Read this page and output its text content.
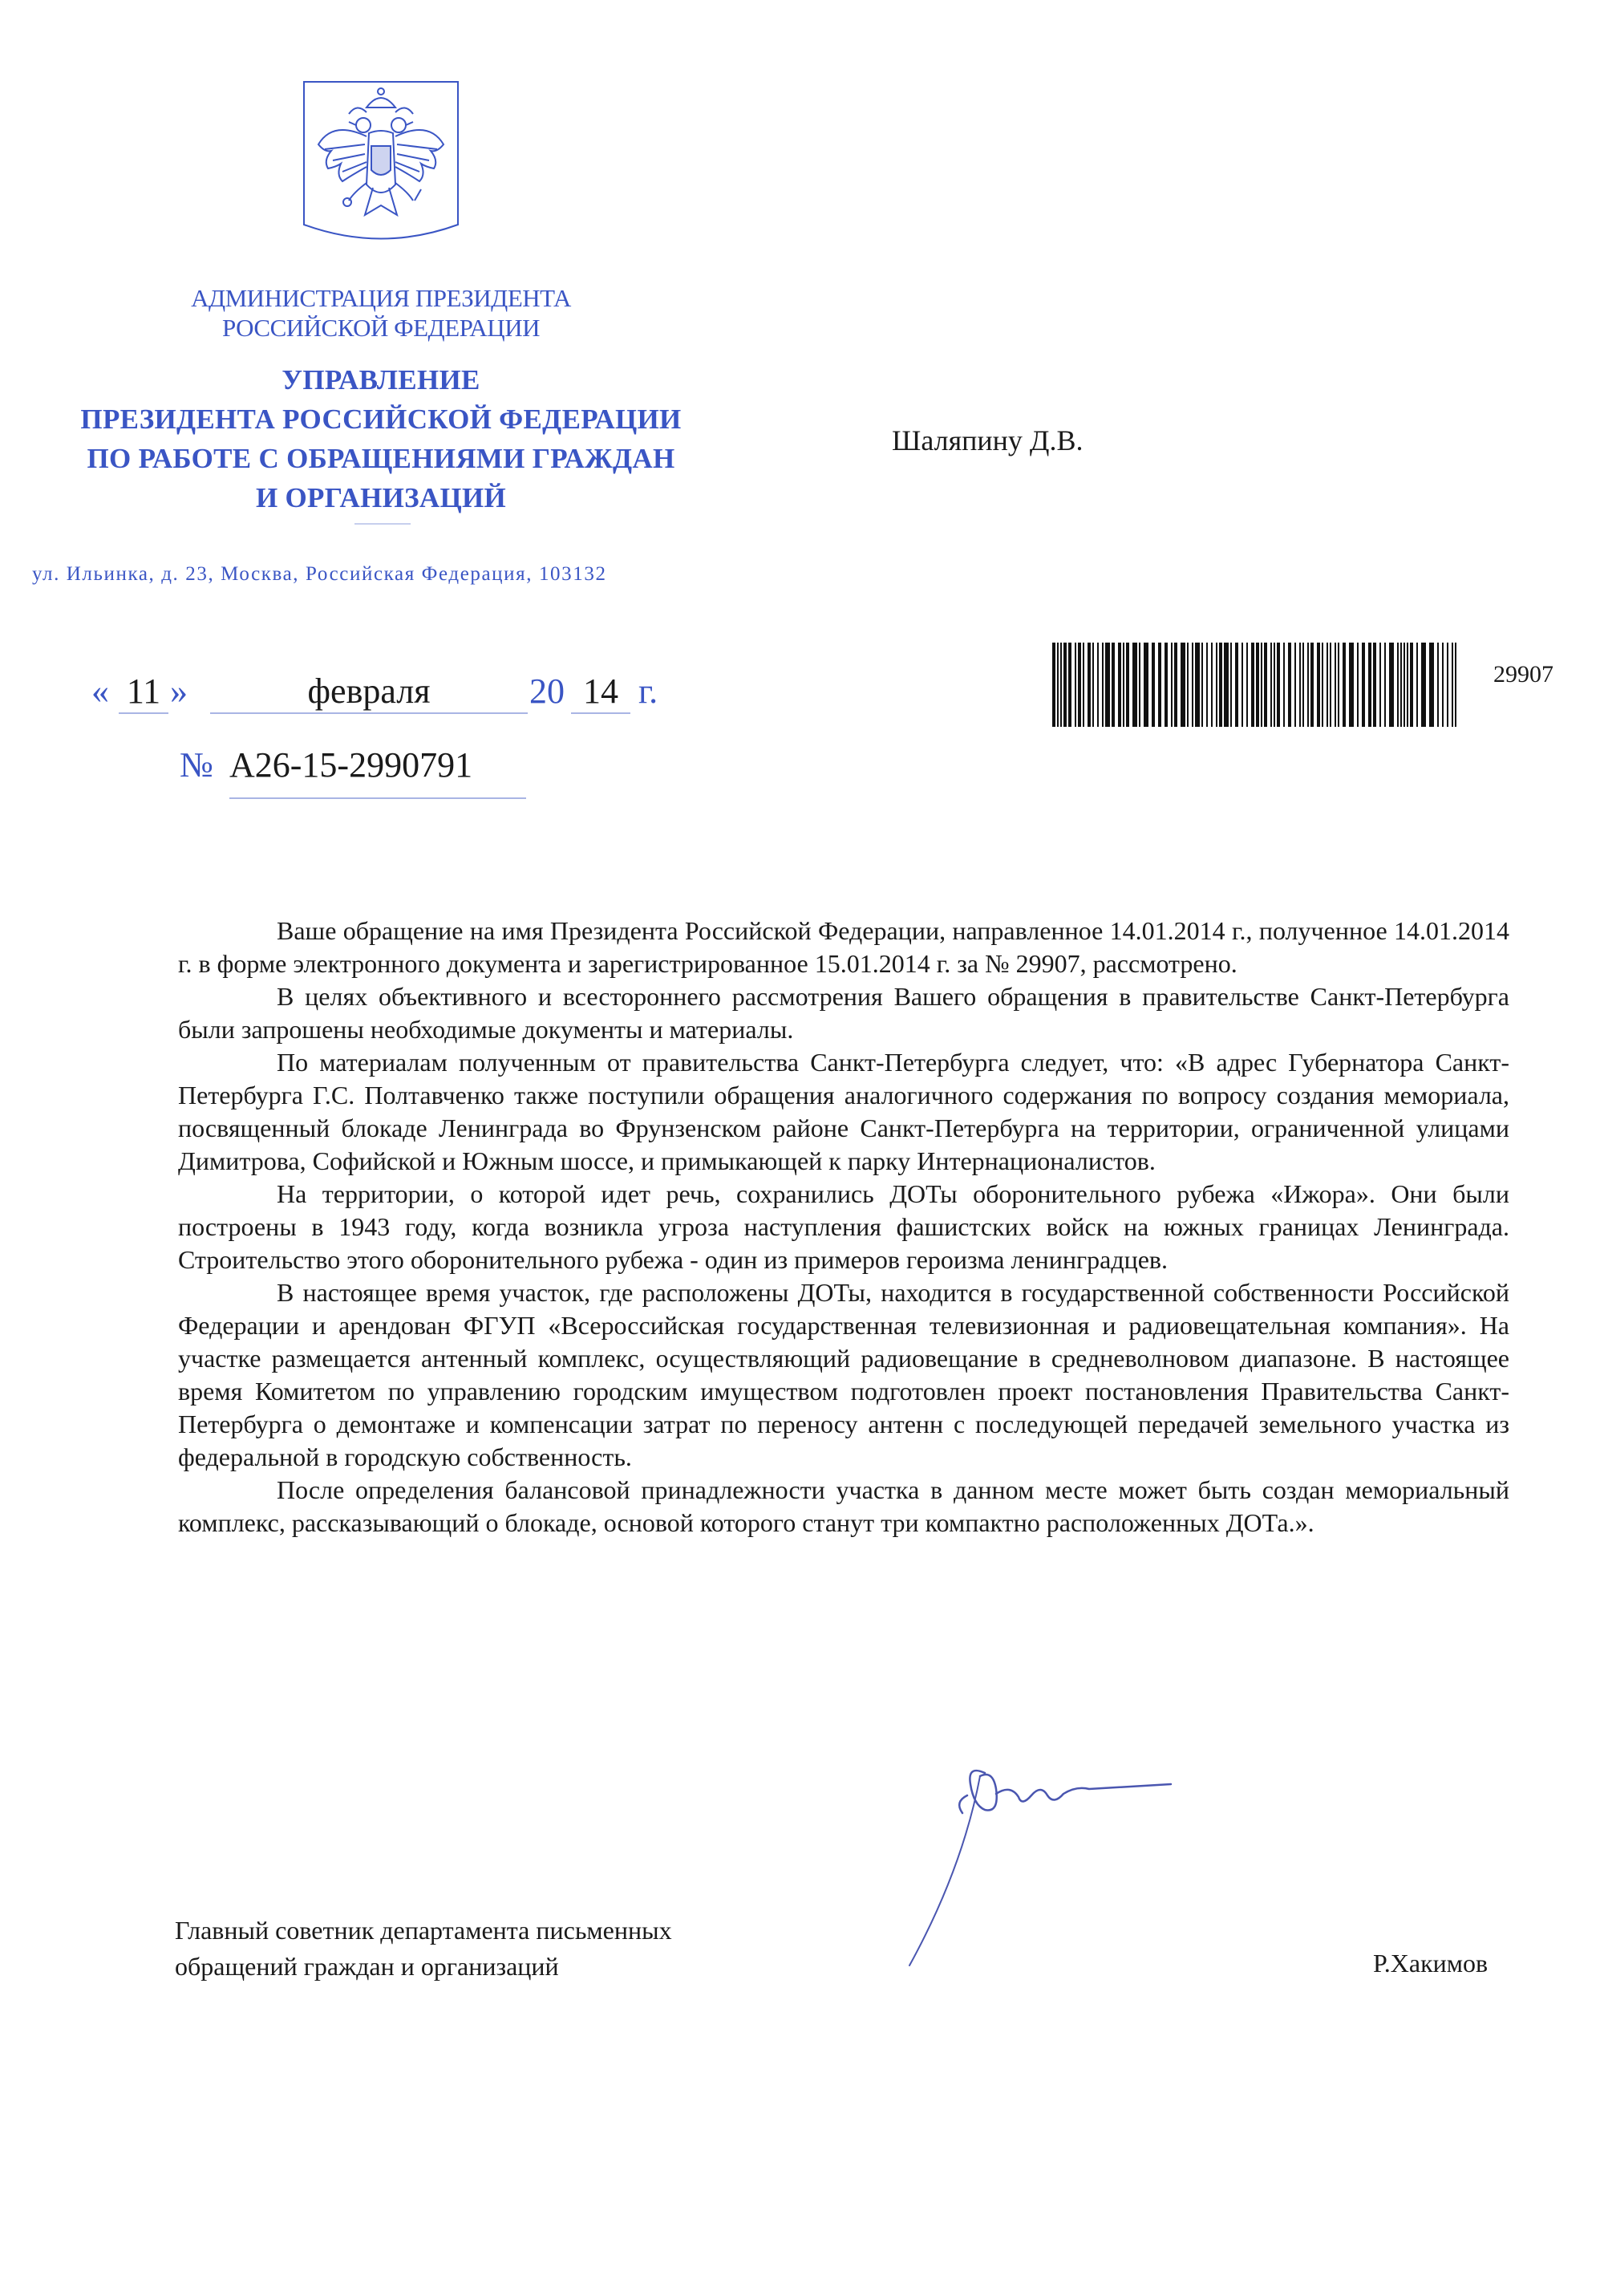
АДМИНИСТРАЦИЯ ПРЕЗИДЕНТА
РОССИЙСКОЙ ФЕДЕРАЦИИ
УПРАВЛЕНИЕ
ПРЕЗИДЕНТА РОССИЙСКОЙ ФЕДЕРАЦИИ
ПО РАБОТЕ С ОБРАЩЕНИЯМИ ГРАЖДАН
И ОРГАНИЗАЦИЙ
ул. Ильинка, д. 23, Москва, Российская Федерация, 103132
Шаляпину Д.В.
« 11 »	февраля	20 14 г.	29907
№ А26-15-2990791

Ваше обращение на имя Президента Российской Федерации, направленное 14.01.2014 г., полученное 14.01.2014 г. в форме электронного документа и зарегистрированное 15.01.2014 г. за № 29907, рассмотрено.

В целях объективного и всестороннего рассмотрения Вашего обращения в правительстве Санкт-Петербурга были запрошены необходимые документы и материалы.

По материалам полученным от правительства Санкт-Петербурга следует, что: «В адрес Губернатора Санкт-Петербурга Г.С. Полтавченко также поступили обращения аналогичного содержания по вопросу создания мемориала, посвященный блокаде Ленинграда во Фрунзенском районе Санкт-Петербурга на территории, ограниченной улицами Димитрова, Софийской и Южным шоссе, и примыкающей к парку Интернационалистов.

На территории, о которой идет речь, сохранились ДОТы оборонительного рубежа «Ижора». Они были построены в 1943 году, когда возникла угроза наступления фашистских войск на южных границах Ленинграда. Строительство этого оборонительного рубежа - один из примеров героизма ленинградцев.

В настоящее время участок, где расположены ДОТы, находится в государственной собственности Российской Федерации и арендован ФГУП «Всероссийская государственная телевизионная и радиовещательная компания». На участке размещается антенный комплекс, осуществляющий радиовещание в средневолновом диапазоне. В настоящее время Комитетом по управлению городским имуществом подготовлен проект постановления Правительства Санкт-Петербурга о демонтаже и компенсации затрат по переносу антенн с последующей передачей земельного участка из федеральной в городскую собственность.

После определения балансовой принадлежности участка в данном месте может быть создан мемориальный комплекс, рассказывающий о блокаде, основой которого станут три компактно расположенных ДОТа.».

Главный советник департамента письменных
обращений граждан и организаций	Р.Хакимов
